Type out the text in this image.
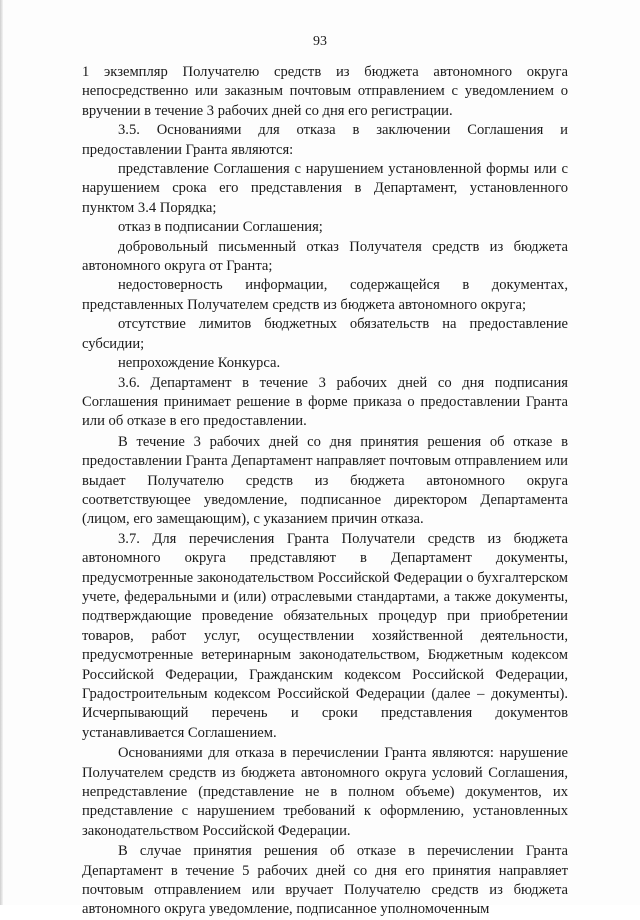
93

1 экземпляр Получателю средств из бюджета автономного округа непосредственно или заказным почтовым отправлением с уведомлением о вручении в течение 3 рабочих дней со дня его регистрации.

3.5. Основаниями для отказа в заключении Соглашения и предоставлении Гранта являются:

представление Соглашения с нарушением установленной формы или с нарушением срока его представления в Департамент, установленного пунктом 3.4 Порядка;

отказ в подписании Соглашения;

добровольный письменный отказ Получателя средств из бюджета автономного округа от Гранта;

недостоверность информации, содержащейся в документах, представленных Получателем средств из бюджета автономного округа;

отсутствие лимитов бюджетных обязательств на предоставление субсидии;

непрохождение Конкурса.

3.6. Департамент в течение 3 рабочих дней со дня подписания Соглашения принимает решение в форме приказа о предоставлении Гранта или об отказе в его предоставлении.

В течение 3 рабочих дней со дня принятия решения об отказе в предоставлении Гранта Департамент направляет почтовым отправлением или выдает Получателю средств из бюджета автономного округа соответствующее уведомление, подписанное директором Департамента (лицом, его замещающим), с указанием причин отказа.

3.7. Для перечисления Гранта Получатели средств из бюджета автономного округа представляют в Департамент документы, предусмотренные законодательством Российской Федерации о бухгалтерском учете, федеральными и (или) отраслевыми стандартами, а также документы, подтверждающие проведение обязательных процедур при приобретении товаров, работ услуг, осуществлении хозяйственной деятельности, предусмотренные ветеринарным законодательством, Бюджетным кодексом Российской Федерации, Гражданским кодексом Российской Федерации, Градостроительным кодексом Российской Федерации (далее – документы). Исчерпывающий перечень и сроки представления документов устанавливается Соглашением.

Основаниями для отказа в перечислении Гранта являются: нарушение Получателем средств из бюджета автономного округа условий Соглашения, непредставление (представление не в полном объеме) документов, их представление с нарушением требований к оформлению, установленных законодательством Российской Федерации.

В случае принятия решения об отказе в перечислении Гранта Департамент в течение 5 рабочих дней со дня его принятия направляет почтовым отправлением или вручает Получателю средств из бюджета автономного округа уведомление, подписанное уполномоченным
